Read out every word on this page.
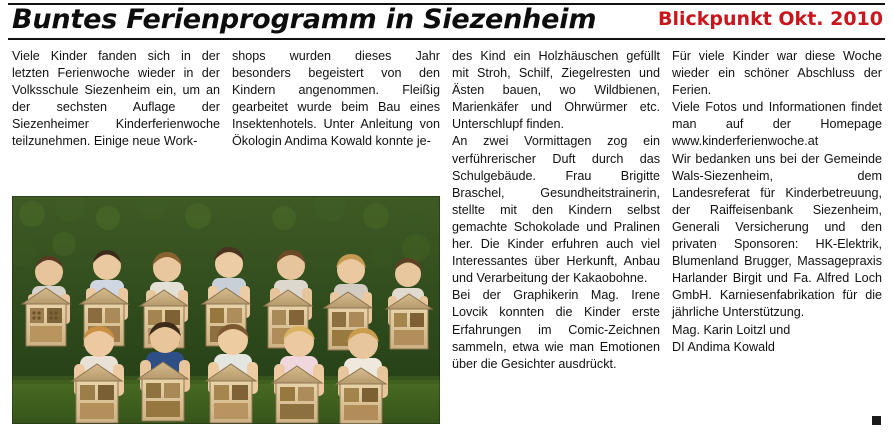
Buntes Ferienprogramm in Siezenheim	Blickpunkt Okt. 2010

Viele Kinder fanden sich in der letzten Ferienwoche wieder in der Volksschule Siezenheim ein, um an der sechsten Auflage der Siezenheimer Kinderferienwoche teilzunehmen. Einige neue Work-

shops wurden dieses Jahr besonders begeistert von den Kindern angenommen. Fleißig gearbeitet wurde beim Bau eines Insektenhotels. Unter Anleitung von Ökologin Andima Kowald konnte je-

des Kind ein Holzhäuschen gefüllt mit Stroh, Schilf, Ziegelresten und Ästen bauen, wo Wildbienen, Marienkäfer und Ohrwürmer etc. Unterschlupf finden.

An zwei Vormittagen zog ein verführerischer Duft durch das Schulgebäude. Frau Brigitte Braschel, Gesundheitstrainerin, stellte mit den Kindern selbst gemachte Schokolade und Pralinen her. Die Kinder erfuhren auch viel Interessantes über Herkunft, Anbau und Verarbeitung der Kakaobohne.

Bei der Graphikerin Mag. Irene Lovcik konnten die Kinder erste Erfahrungen im Comic-Zeichnen sammeln, etwa wie man Emotionen über die Gesichter ausdrückt.

Für viele Kinder war diese Woche wieder ein schöner Abschluss der Ferien.

Viele Fotos und Informationen findet man auf der Homepage www.kinderferienwoche.at

Wir bedanken uns bei der Gemeinde Wals-Siezenheim, dem Landesreferat für Kinderbetreuung, der Raiffeisenbank Siezenheim, Generali Versicherung und den privaten Sponsoren: HK-Elektrik, Blumenland Brugger, Massagepraxis Harlander Birgit und Fa. Alfred Loch GmbH. Karniesenfabrikation für die jährliche Unterstützung.

Mag. Karin Loitzl und

DI Andima Kowald
